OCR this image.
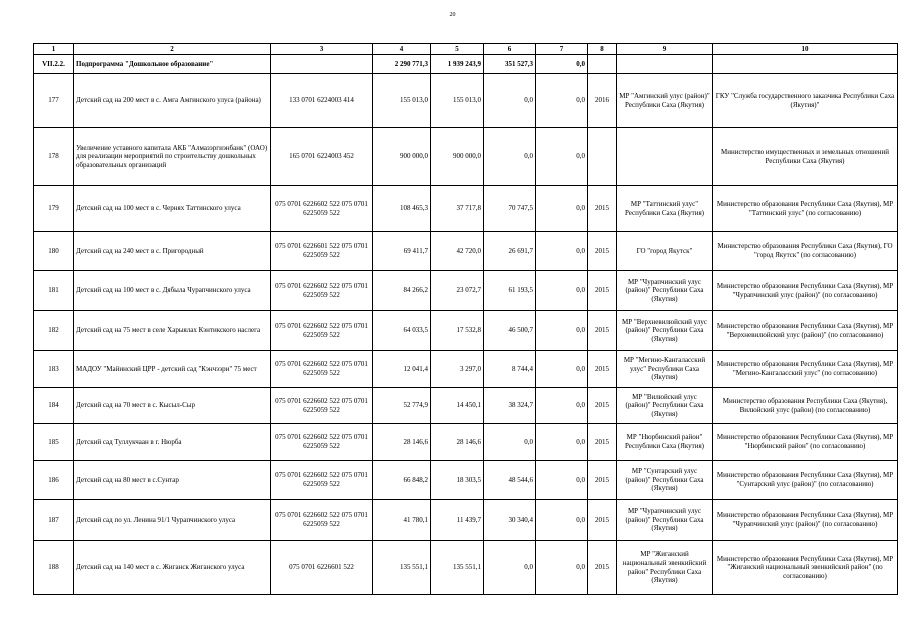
20
1	2	3	4	5	6	7	8	9	10
VII.2.2.	Подпрограмма "Дошкольное образование"		2 290 771,3	1 939 243,9	351 527,3	0,0			
177	Детский сад на 200 мест в с. Амга Амгинского улуса (района)	133 0701 6224003 414	155 013,0	155 013,0	0,0	0,0	2016	МР "Амгинский улус (район)" Республики Саха (Якутия)	ГКУ "Служба государственного заказчика Республики Саха (Якутия)"
178	Увеличение уставного капитала АКБ "Алмазэргиэнбанк" (ОАО) для реализации мероприятий по строительству дошкольных образовательных организаций	165 0701 6224003 452	900 000,0	900 000,0	0,0	0,0			Министерство имущественных и земельных отношений Республики Саха (Якутия)
179	Детский сад на 100 мест в с. Чернях Таттинского улуса	075 0701 6226602 522 075 0701 6225059 522	108 465,3	37 717,8	70 747,5	0,0	2015	МР "Таттинский улус" Республики Саха (Якутия)	Министерство образования Республики Саха (Якутия), МР "Таттинский улус" (по согласованию)
180	Детский сад на 240 мест в с. Пригородный	075 0701 6226601 522 075 0701 6225059 522	69 411,7	42 720,0	26 691,7	0,0	2015	ГО "город Якутск"	Министерство образования Республики Саха (Якутия), ГО "город Якутск" (по согласованию)
181	Детский сад на 100 мест в с. Дябыла Чурапчинского улуса	075 0701 6226602 522 075 0701 6225059 522	84 266,2	23 072,7	61 193,5	0,0	2015	МР "Чурапчинский улус (район)" Республики Саха (Якутия)	Министерство образования Республики Саха (Якутия), МР "Чурапчинский улус (район)" (по согласованию)
182	Детский сад на 75 мест в селе Харыялах Кэнтикского наслега	075 0701 6226602 522 075 0701 6225059 522	64 033,5	17 532,8	46 500,7	0,0	2015	МР "Верхневилюйский улус (район)" Республики Саха (Якутия)	Министерство образования Республики Саха (Якутия), МР "Верхневилюйский улус (район)" (по согласованию)
183	МАДОУ "Майинский ЦРР - детский сад "Кэнчээри" 75 мест	075 0701 6226602 522 075 0701 6225059 522	12 041,4	3 297,0	8 744,4	0,0	2015	МР "Мегино-Кангаласский улус" Республики Саха (Якутия)	Министерство образования Республики Саха (Якутия), МР "Мегино-Кангаласский улус" (по согласованию)
184	Детский сад на 70 мест в с. Кысыл-Сыр	075 0701 6226602 522 075 0701 6225059 522	52 774,9	14 450,1	38 324,7	0,0	2015	МР "Вилюйский улус (район)" Республики Саха (Якутия)	Министерство образования Республики Саха (Якутия), Вилюйский улус (район) (по согласованию)
185	Детский сад Туллукчаан в г. Нюрба	075 0701 6226602 522 075 0701 6225059 522	28 146,6	28 146,6	0,0	0,0	2015	МР "Нюрбинский район" Республики Саха (Якутия)	Министерство образования Республики Саха (Якутия), МР "Нюрбинский район" (по согласованию)
186	Детский сад на 80 мест в с.Сунтар	075 0701 6226602 522 075 0701 6225059 522	66 848,2	18 303,5	48 544,6	0,0	2015	МР "Сунтарский улус (район)" Республики Саха (Якутия)	Министерство образования Республики Саха (Якутия), МР "Сунтарский улус (район)" (по согласованию)
187	Детский сад по ул. Ленина 91/1 Чурапчинского улуса	075 0701 6226602 522 075 0701 6225059 522	41 780,1	11 439,7	30 340,4	0,0	2015	МР "Чурапчинский улус (район)" Республики Саха (Якутия)	Министерство образования Республики Саха (Якутия), МР "Чурапчинский улус (район)" (по согласованию)
188	Детский сад на 140 мест в с. Жиганск Жиганского улуса	075 0701 6226601 522	135 551,1	135 551,1	0,0	0,0	2015	МР "Жиганский национальный эвенкийский район" Республики Саха (Якутия)	Министерство образования Республики Саха (Якутия), МР "Жиганский национальный эвенкийский район" (по согласованию)
